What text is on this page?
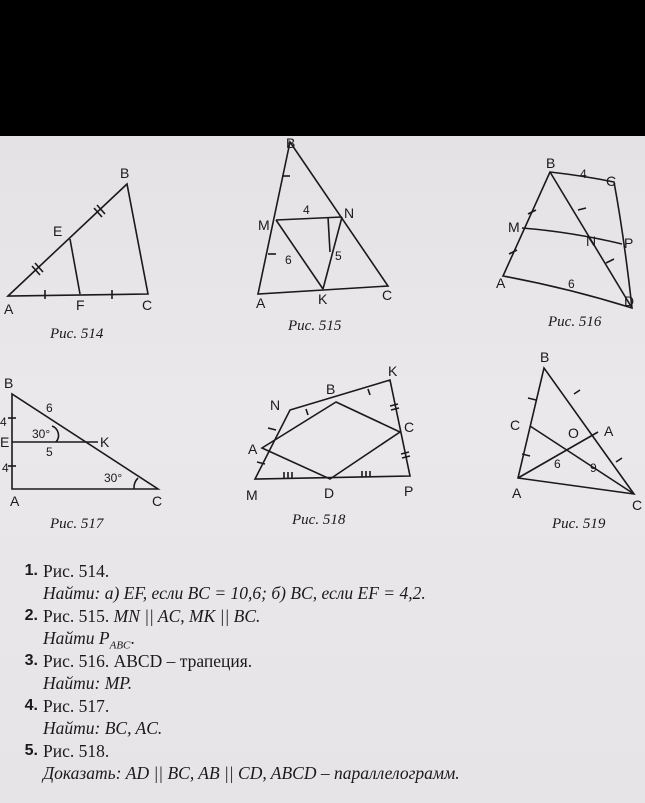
B
E
A	F	C
Рис. 514
B
M
N
4
6	5
A	K	C
Рис. 515
B
4 C
M
N P
A	6
D
Рис. 516
B
4
6
30°
E
5
K
4
30°
A	C
Рис. 517
N
B
K
A
C
M	D	P
Рис. 518
B
C	O A
6 9
A
C
Рис. 519
1. Рис. 514.
Найти: а) EF, если BC = 10,6; б) BC, если EF = 4,2.
2. Рис. 515. MN || AC, MK || BC.
Найти $P_{ABC}$.
3. Рис. 516. ABCD – трапеция.
Найти: MP.
4. Рис. 517.
Найти: BC, AC.
5. Рис. 518.
Доказать: AD || BC, AB || CD, ABCD – параллелограмм.
